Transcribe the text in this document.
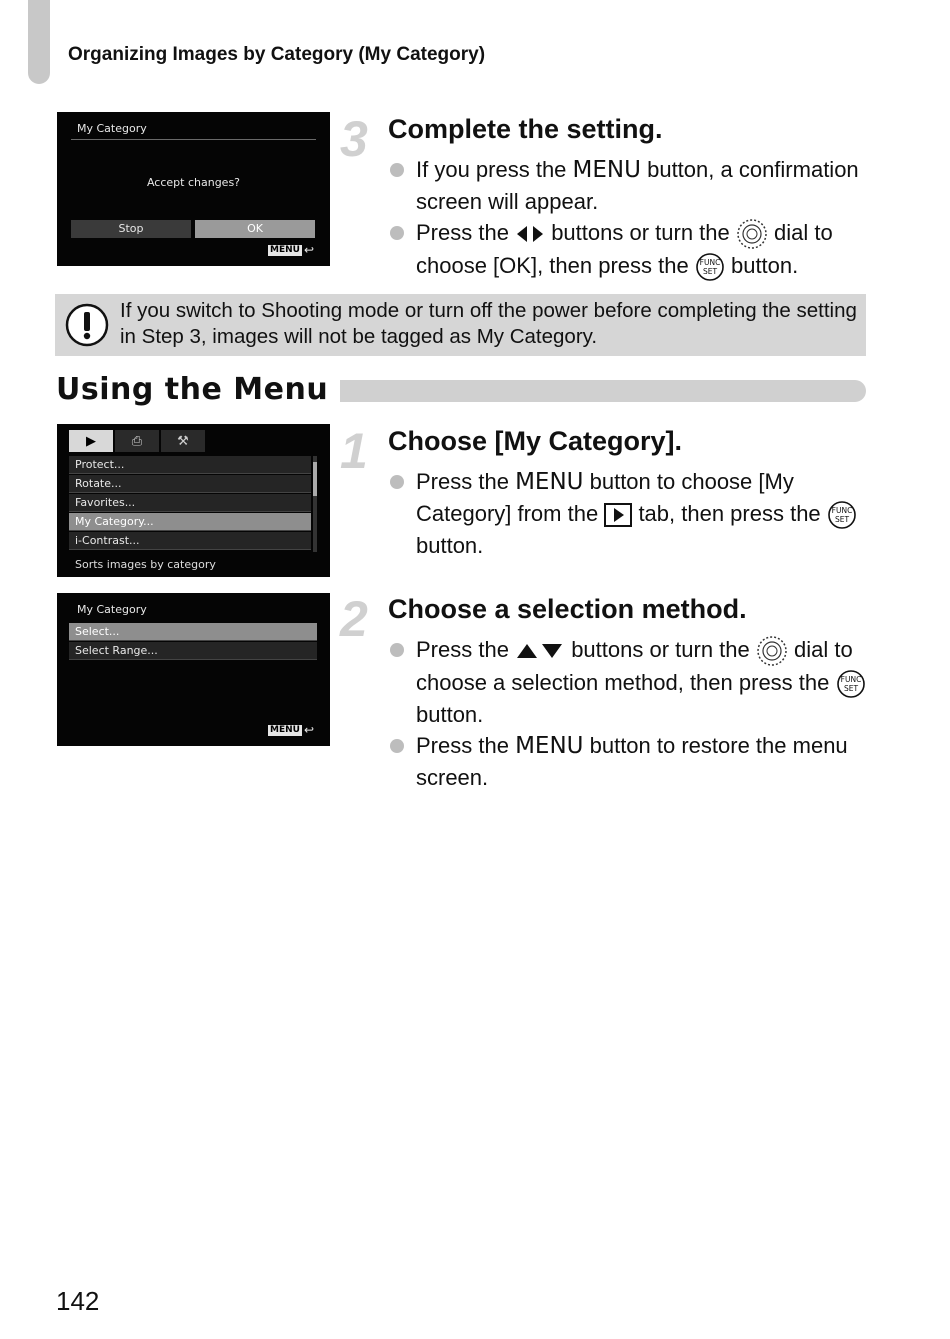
Organizing Images by Category (My Category)
My Category
Accept changes?
Stop	OK
MENU ↩
3 Complete the setting.
If you press the MENU button, a confirmation screen will appear.
Press the buttons or turn the dial to choose [OK], then press the FUNC
SET button.
If you switch to Shooting mode or turn off the power before completing the setting in Step 3, images will not be tagged as My Category.
Using the Menu
▶	⎙	⚒
Protect...
Rotate...
Favorites...
My Category...
i-Contrast...
Sorts images by category
1 Choose [My Category].
Press the MENU button to choose [My Category] from the tab, then press the FUNC
SET
button.
My Category
Select...
Select Range...
MENU ↩
2 Choose a selection method.
Press the	buttons or turn the dial to choose a selection method, then press the FUNC
SET
button.
Press the MENU button to restore the menu screen.
142
